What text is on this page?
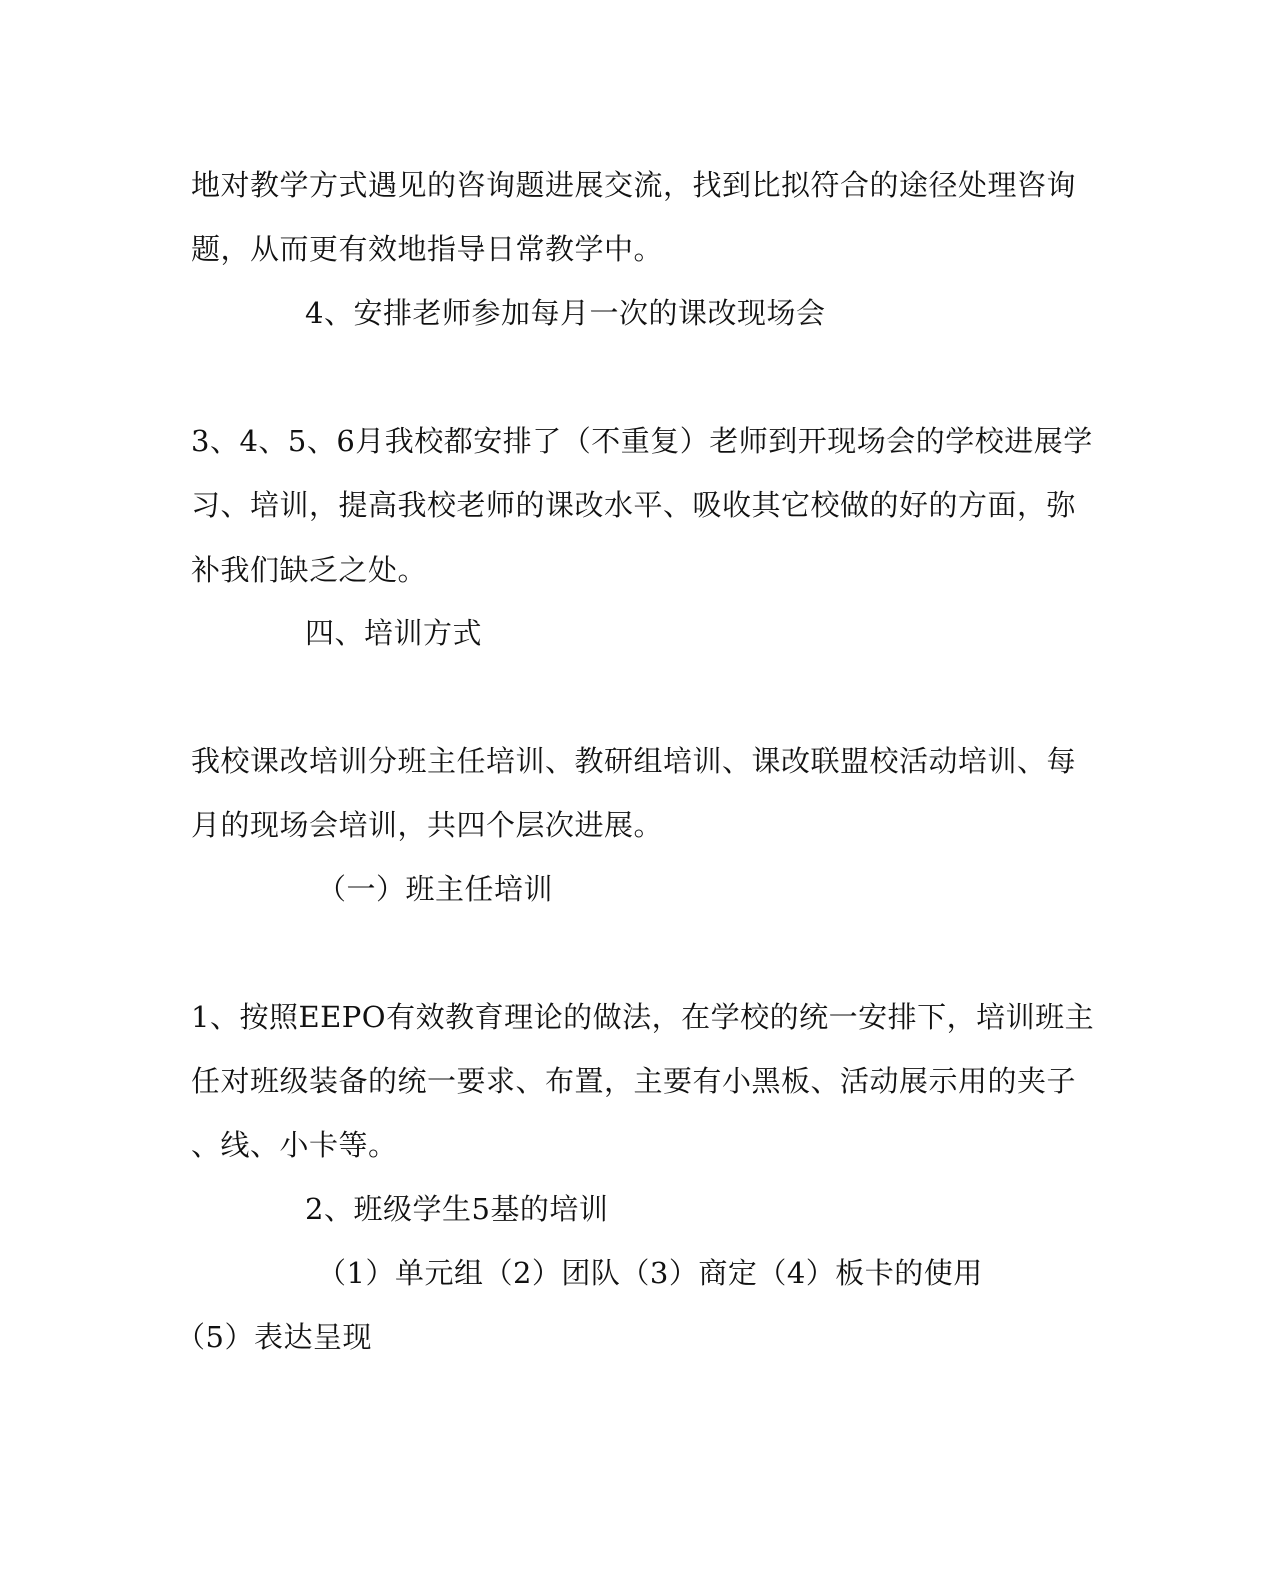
地对教学方式遇见的咨询题进展交流，找到比拟符合的途径处理咨询
题，从而更有效地指导日常教学中。
4、安排老师参加每月一次的课改现场会
3、4、5、6月我校都安排了（不重复）老师到开现场会的学校进展学
习、培训，提高我校老师的课改水平、吸收其它校做的好的方面，弥
补我们缺乏之处。
四、培训方式
我校课改培训分班主任培训、教研组培训、课改联盟校活动培训、每
月的现场会培训，共四个层次进展。
（一）班主任培训
1、按照EEPO有效教育理论的做法，在学校的统一安排下，培训班主
任对班级装备的统一要求、布置，主要有小黑板、活动展示用的夹子
、线、小卡等。
2、班级学生5基的培训
（1）单元组（2）团队（3）商定（4）板卡的使用
（5）表达呈现
